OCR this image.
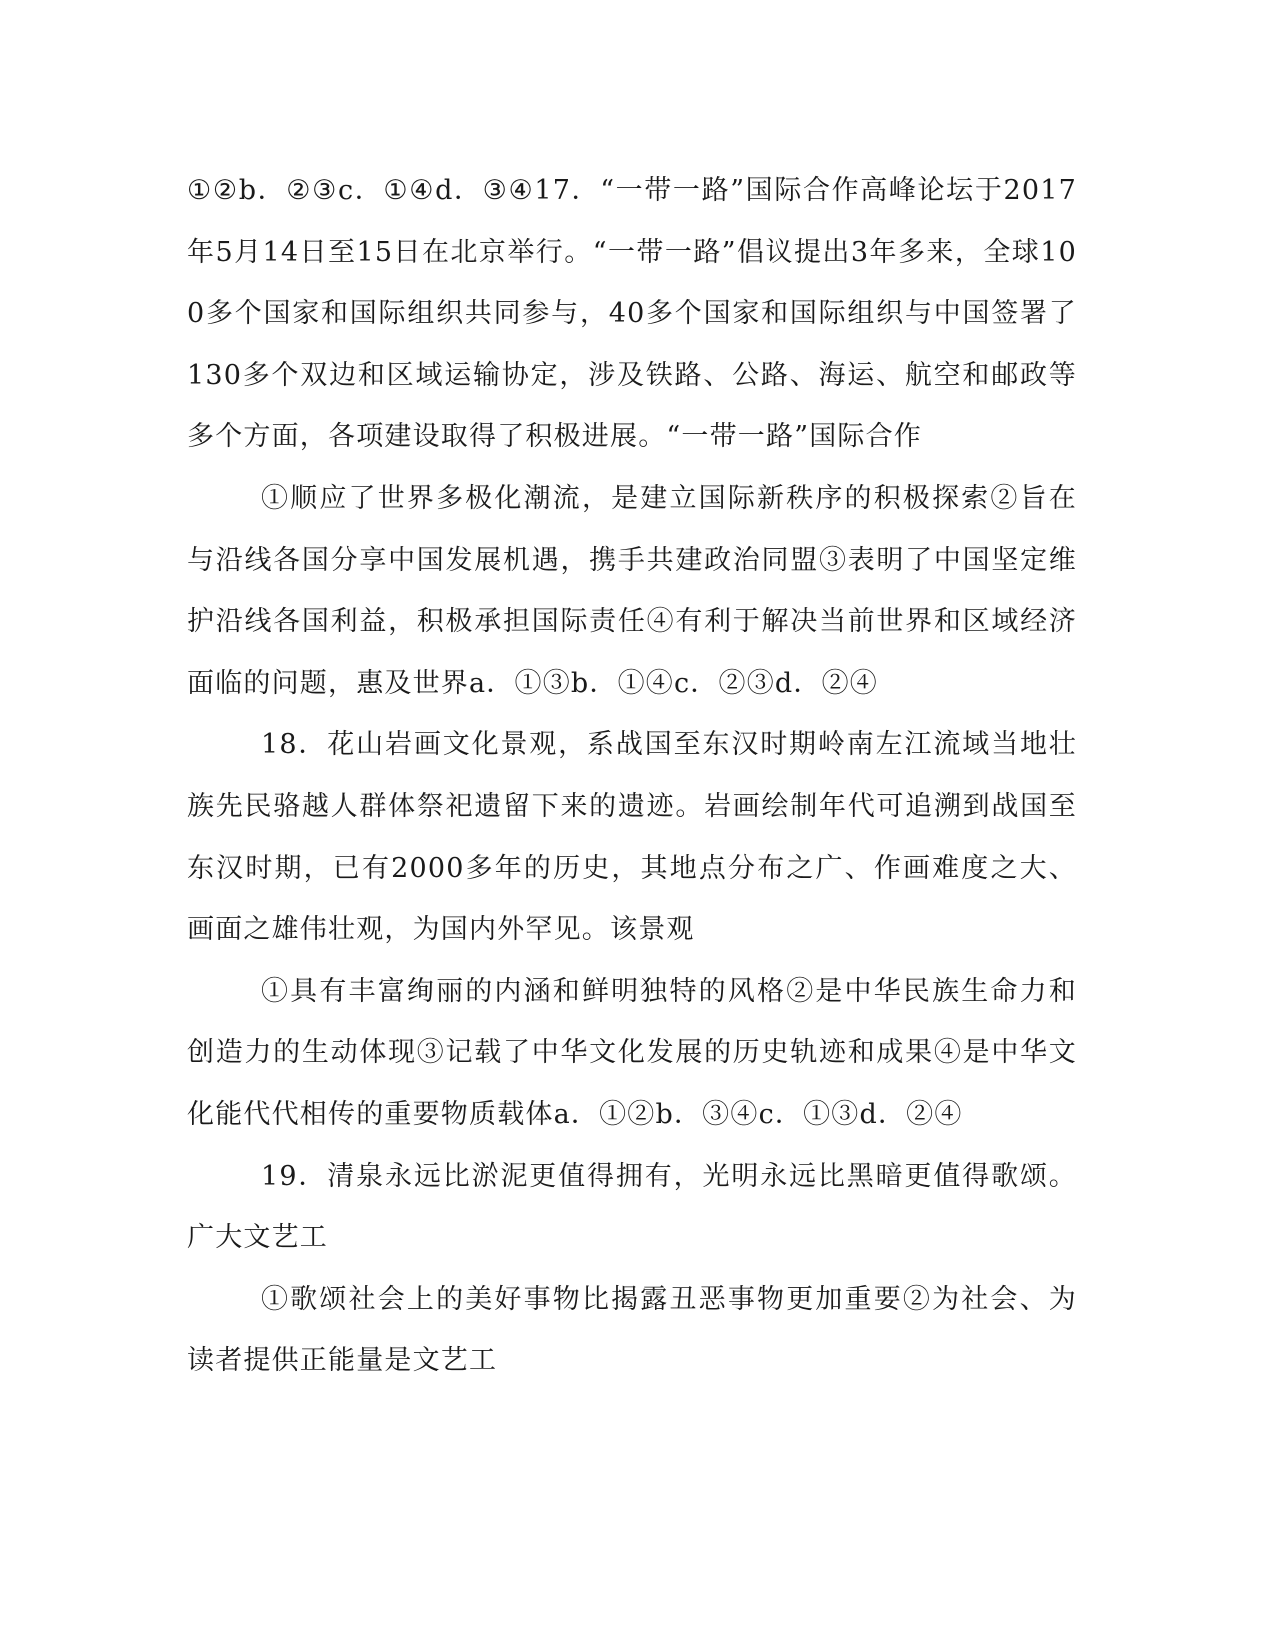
①②b．②③c．①④d．③④17．“一带一路”国际合作高峰论坛于2017年5月14日至15日在北京举行。“一带一路”倡议提出3年多来，全球100多个国家和国际组织共同参与，40多个国家和国际组织与中国签署了130多个双边和区域运输协定，涉及铁路、公路、海运、航空和邮政等多个方面，各项建设取得了积极进展。“一带一路”国际合作

①顺应了世界多极化潮流，是建立国际新秩序的积极探索②旨在与沿线各国分享中国发展机遇，携手共建政治同盟③表明了中国坚定维护沿线各国利益，积极承担国际责任④有利于解决当前世界和区域经济面临的问题，惠及世界a．①③b．①④c．②③d．②④

18．花山岩画文化景观，系战国至东汉时期岭南左江流域当地壮族先民骆越人群体祭祀遗留下来的遗迹。岩画绘制年代可追溯到战国至东汉时期，已有2000多年的历史，其地点分布之广、作画难度之大、画面之雄伟壮观，为国内外罕见。该景观

①具有丰富绚丽的内涵和鲜明独特的风格②是中华民族生命力和创造力的生动体现③记载了中华文化发展的历史轨迹和成果④是中华文化能代代相传的重要物质载体a．①②b．③④c．①③d．②④

19．清泉永远比淤泥更值得拥有，光明永远比黑暗更值得歌颂。广大文艺工

①歌颂社会上的美好事物比揭露丑恶事物更加重要②为社会、为读者提供正能量是文艺工
